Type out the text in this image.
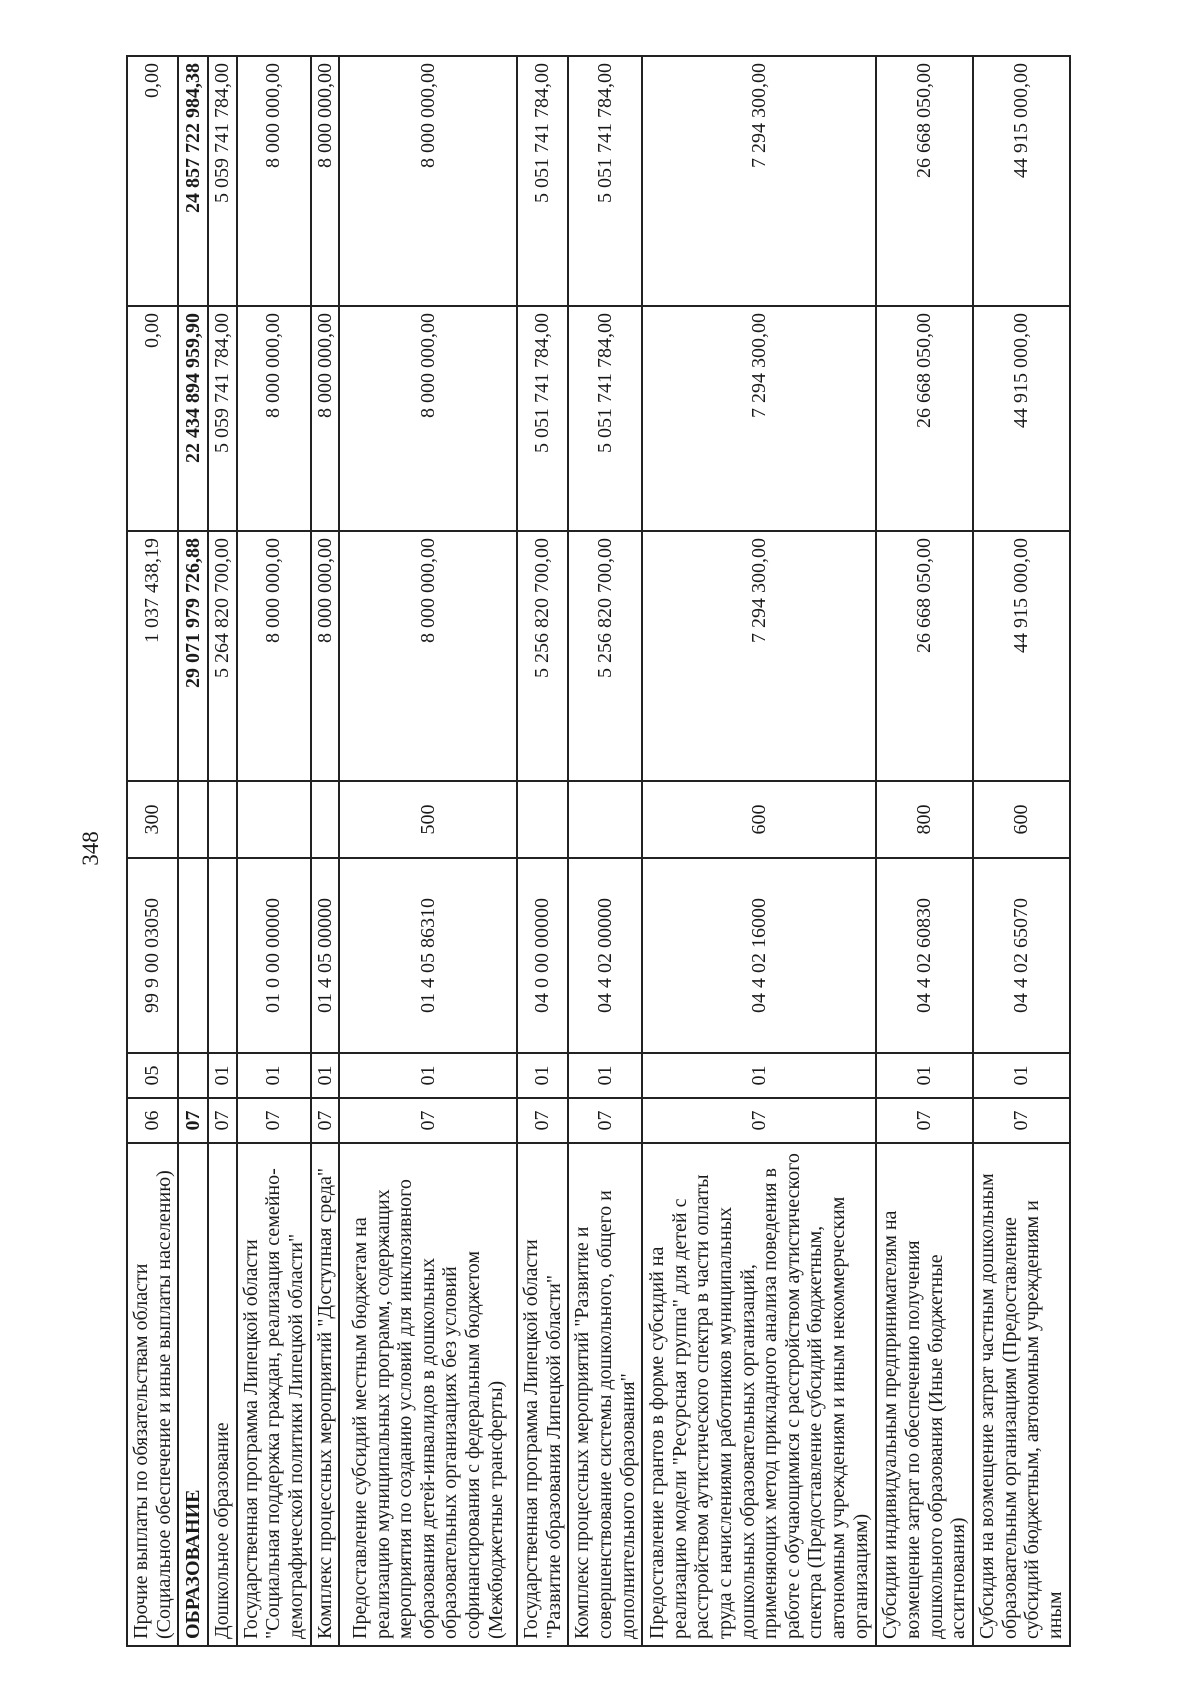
348
Прочие выплаты по обязательствам области (Социальное обеспечение и иные выплаты населению)	06	05	99 9 00 03050	300	1 037 438,19	0,00	0,00
ОБРАЗОВАНИЕ	07				29 071 979 726,88	22 434 894 959,90	24 857 722 984,38
Дошкольное образование	07	01			5 264 820 700,00	5 059 741 784,00	5 059 741 784,00
Государственная программа Липецкой области "Социальная поддержка граждан, реализация семейно-демографической политики Липецкой области"	07	01	01 0 00 00000		8 000 000,00	8 000 000,00	8 000 000,00
Комплекс процессных мероприятий "Доступная среда"	07	01	01 4 05 00000		8 000 000,00	8 000 000,00	8 000 000,00
Предоставление субсидий местным бюджетам на реализацию муниципальных программ, содержащих мероприятия по созданию условий для инклюзивного образования детей-инвалидов в дошкольных образовательных организациях без условий софинансирования с федеральным бюджетом (Межбюджетные трансферты)	07	01	01 4 05 86310	500	8 000 000,00	8 000 000,00	8 000 000,00
Государственная программа Липецкой области "Развитие образования Липецкой области"	07	01	04 0 00 00000		5 256 820 700,00	5 051 741 784,00	5 051 741 784,00
Комплекс процессных мероприятий "Развитие и совершенствование системы дошкольного, общего и дополнительного образования"	07	01	04 4 02 00000		5 256 820 700,00	5 051 741 784,00	5 051 741 784,00
Предоставление грантов в форме субсидий на реализацию модели "Ресурсная группа" для детей с расстройством аутистического спектра в части оплаты труда с начислениями работников муниципальных дошкольных образовательных организаций, применяющих метод прикладного анализа поведения в работе с обучающимися с расстройством аутистического спектра (Предоставление субсидий бюджетным, автономным учреждениям и иным некоммерческим организациям)	07	01	04 4 02 16000	600	7 294 300,00	7 294 300,00	7 294 300,00
Субсидии индивидуальным предпринимателям на возмещение затрат по обеспечению получения дошкольного образования (Иные бюджетные ассигнования)	07	01	04 4 02 60830	800	26 668 050,00	26 668 050,00	26 668 050,00
Субсидия на возмещение затрат частным дошкольным образовательным организациям (Предоставление субсидий бюджетным, автономным учреждениям и иным	07	01	04 4 02 65070	600	44 915 000,00	44 915 000,00	44 915 000,00
